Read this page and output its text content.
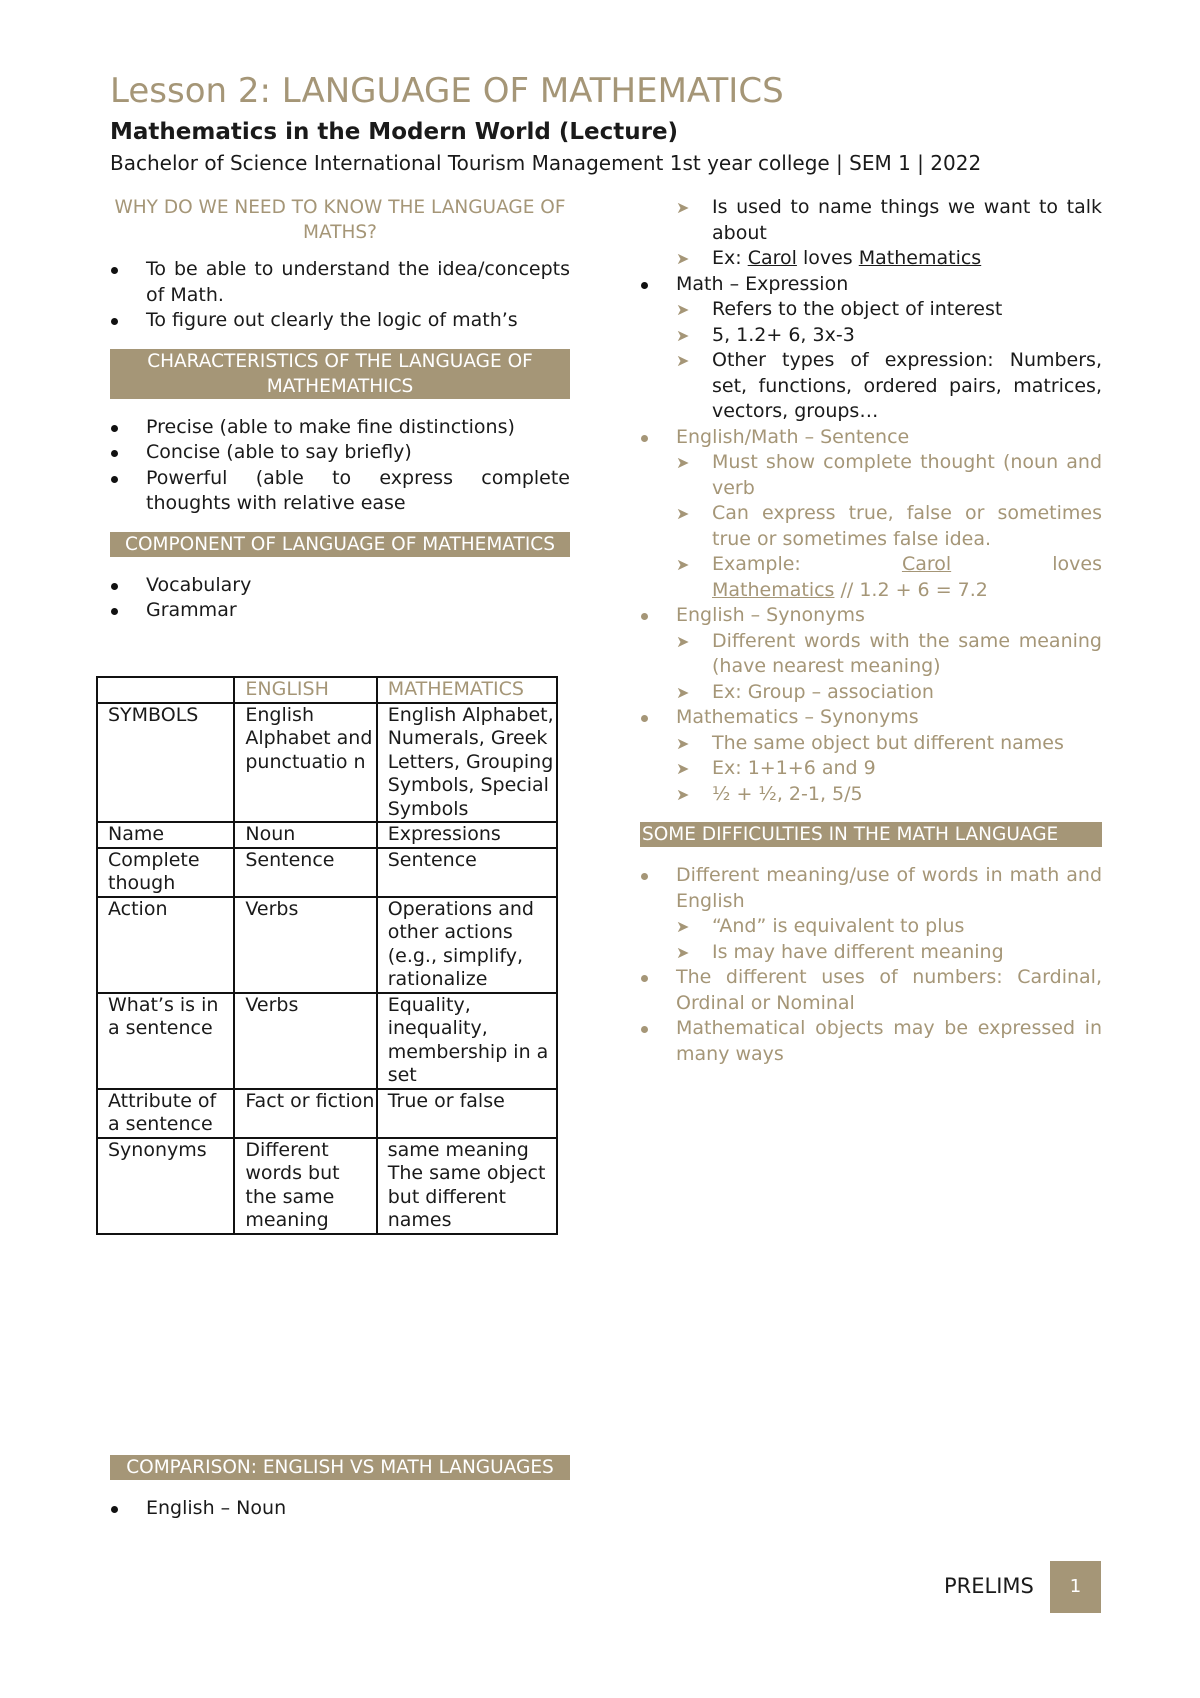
Lesson 2: LANGUAGE OF MATHEMATICS
Mathematics in the Modern World (Lecture)
Bachelor of Science International Tourism Management 1st year college | SEM 1 | 2022
WHY DO WE NEED TO KNOW THE LANGUAGE OF MATHS?
To be able to understand the idea/concepts of Math.
To figure out clearly the logic of math’s
CHARACTERISTICS OF THE LANGUAGE OF MATHEMATHICS
Precise (able to make fine distinctions)
Concise (able to say briefly)
Powerful (able to express complete thoughts with relative ease
COMPONENT OF LANGUAGE OF MATHEMATICS
Vocabulary
Grammar
	ENGLISH	MATHEMATICS
SYMBOLS	English Alphabet and punctuatio n	English Alphabet, Numerals, Greek Letters, Grouping Symbols, Special Symbols
Name	Noun	Expressions
Complete though	Sentence	Sentence
Action	Verbs	Operations and other actions (e.g., simplify, rationalize
What’s is in a sentence	Verbs	Equality, inequality, membership in a set
Attribute of a sentence	Fact or fiction	True or false
Synonyms	Different words but the same meaning	same meaning The same object but different names
COMPARISON: ENGLISH VS MATH LANGUAGES
English – Noun
➤ Is used to name things we want to talk about
➤ Ex: Carol loves Mathematics
Math – Expression
➤ Refers to the object of interest
➤ 5, 1.2+ 6, 3x-3
➤ Other types of expression: Numbers, set, functions, ordered pairs, matrices, vectors, groups…
English/Math – Sentence
➤ Must show complete thought (noun and verb
➤ Can express true, false or sometimes true or sometimes false idea.
➤ Example:	Carol	loves
Mathematics // 1.2 + 6 = 7.2
English – Synonyms
➤ Different words with the same meaning (have nearest meaning)
➤ Ex: Group – association
Mathematics – Synonyms
➤ The same object but different names
➤ Ex: 1+1+6 and 9
➤ ½ + ½, 2-1, 5/5
SOME DIFFICULTIES IN THE MATH LANGUAGE
Different meaning/use of words in math and English
➤ “And” is equivalent to plus
➤ Is may have different meaning
The different uses of numbers: Cardinal, Ordinal or Nominal
Mathematical objects may be expressed in many ways
PRELIMS	1
